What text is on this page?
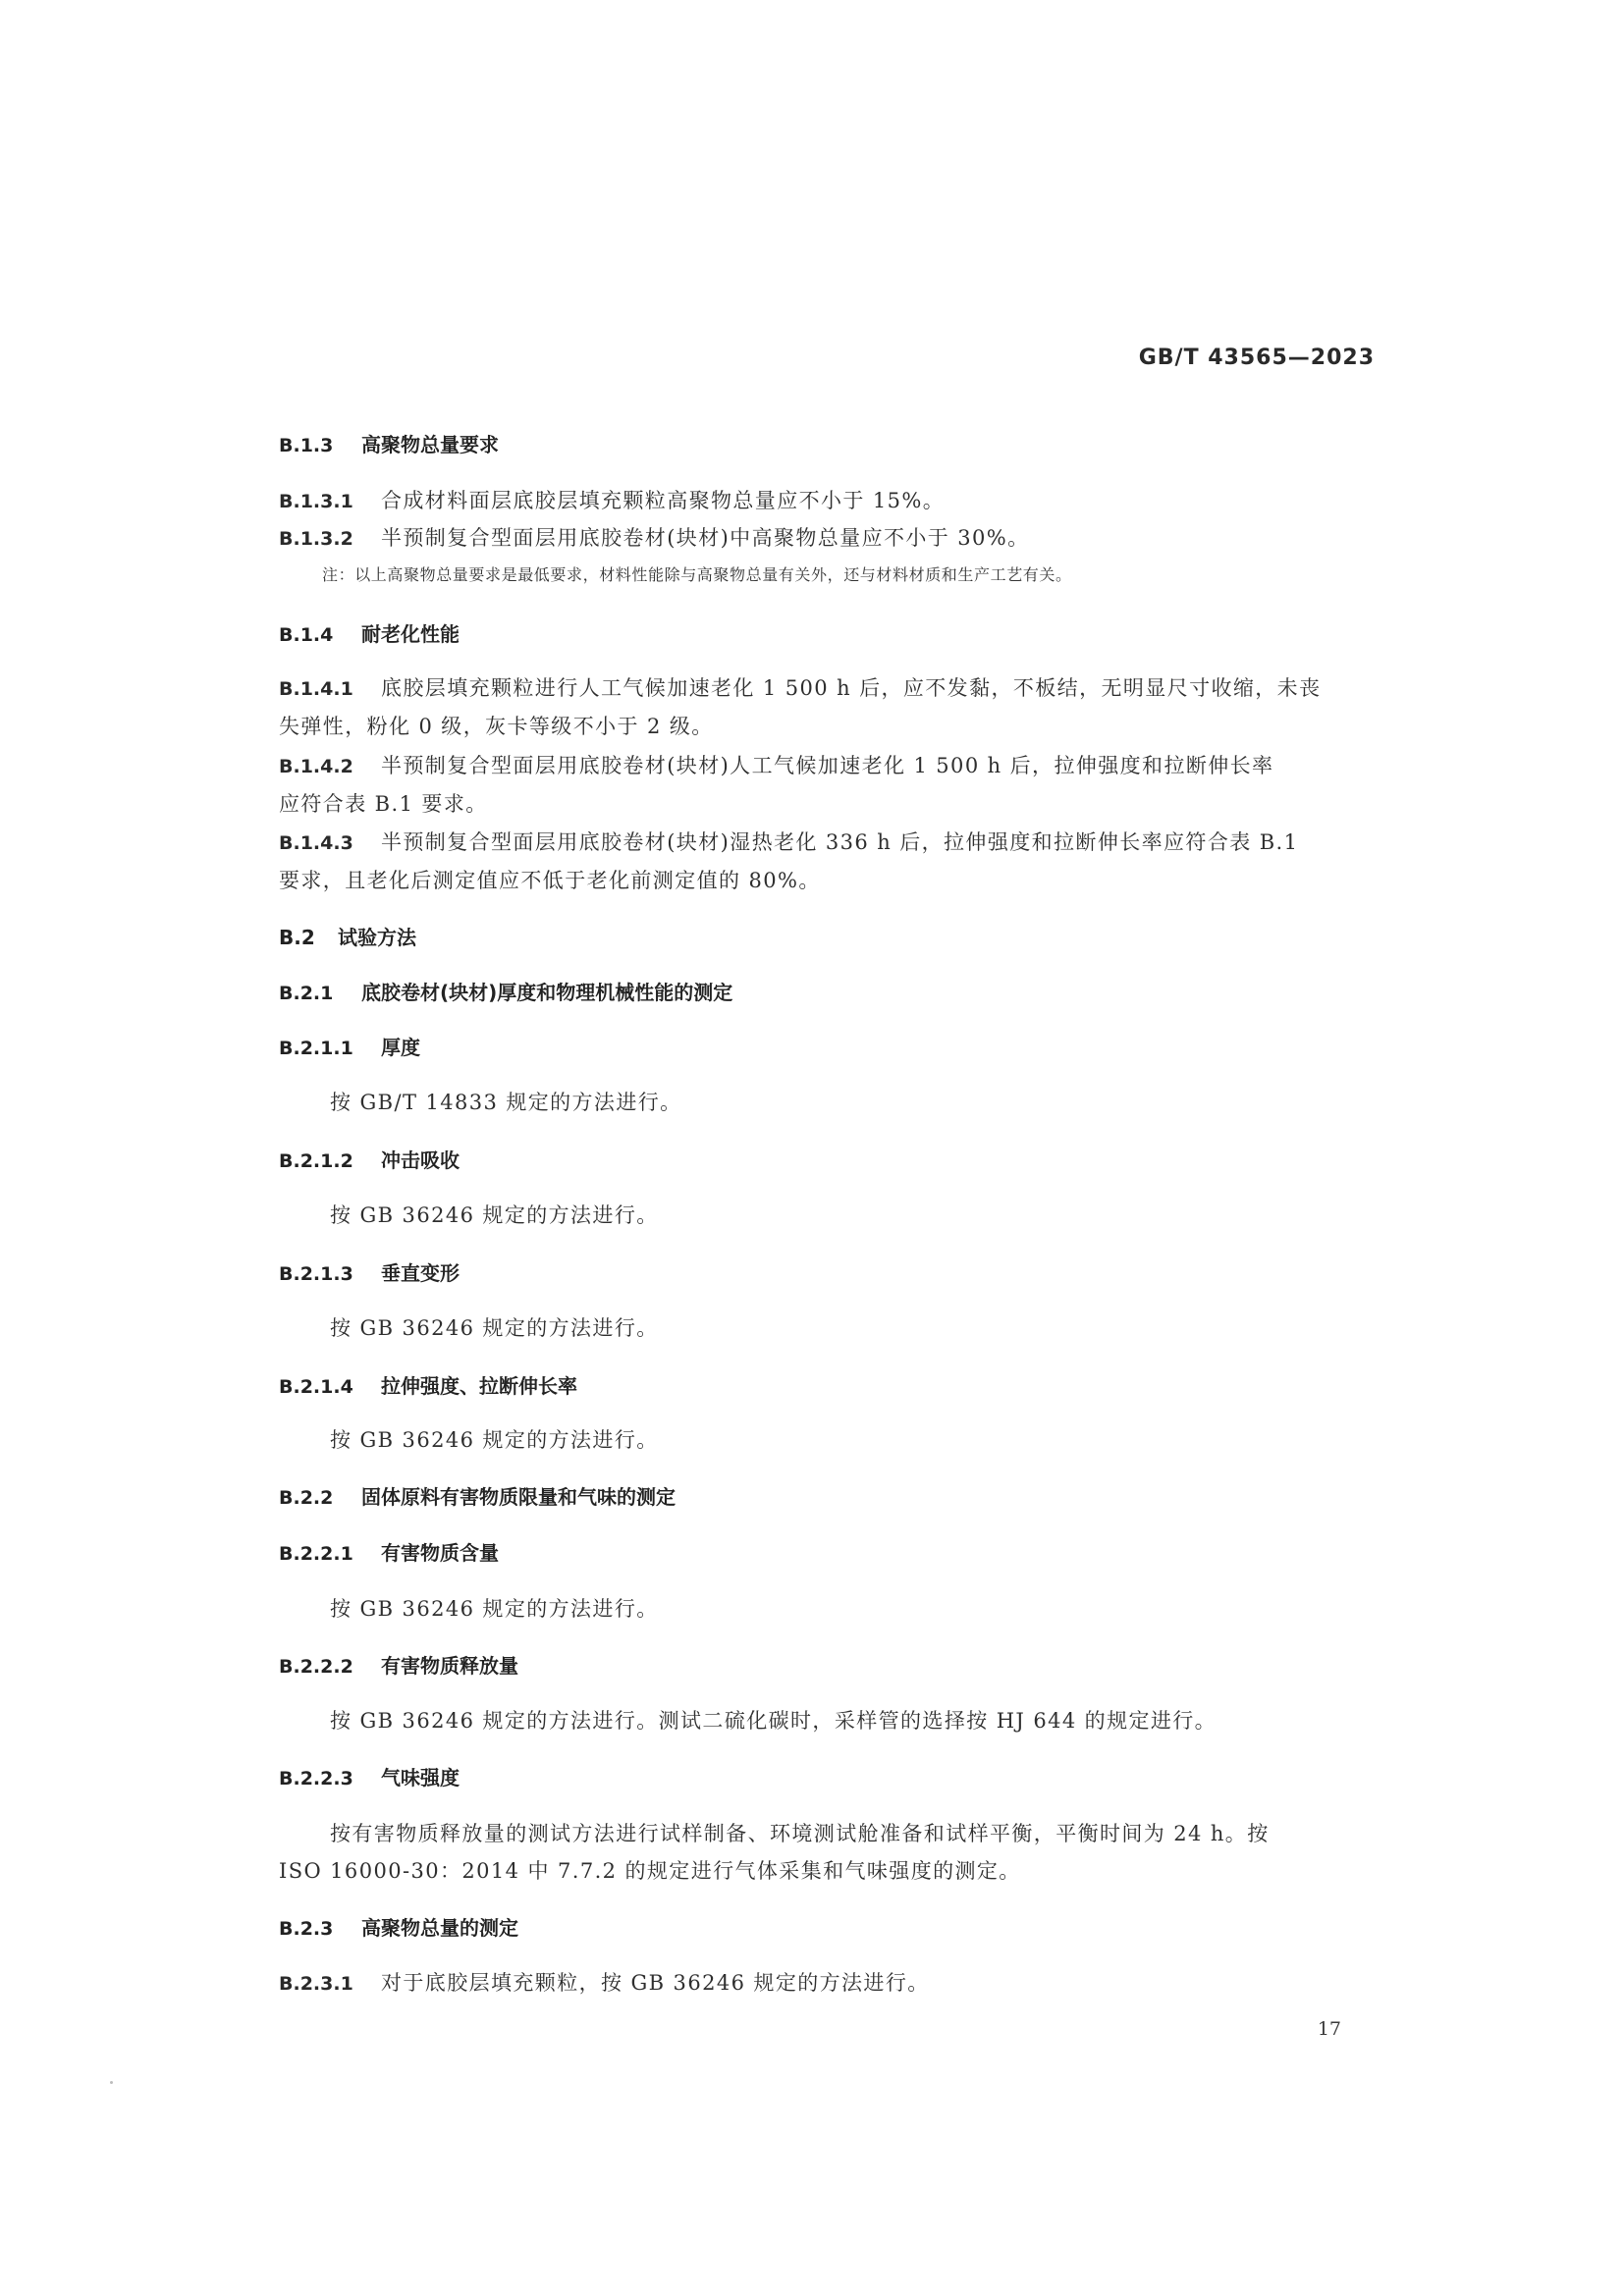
GB/T 43565—2023
B.1.3 高聚物总量要求
B.1.3.1 合成材料面层底胶层填充颗粒高聚物总量应不小于 15%。
B.1.3.2 半预制复合型面层用底胶卷材(块材)中高聚物总量应不小于 30%。
注：以上高聚物总量要求是最低要求，材料性能除与高聚物总量有关外，还与材料材质和生产工艺有关。
B.1.4 耐老化性能
B.1.4.1 底胶层填充颗粒进行人工气候加速老化 1 500 h 后，应不发黏，不板结，无明显尺寸收缩，未丧
失弹性，粉化 0 级，灰卡等级不小于 2 级。
B.1.4.2 半预制复合型面层用底胶卷材(块材)人工气候加速老化 1 500 h 后，拉伸强度和拉断伸长率
应符合表 B.1 要求。
B.1.4.3 半预制复合型面层用底胶卷材(块材)湿热老化 336 h 后，拉伸强度和拉断伸长率应符合表 B.1
要求，且老化后测定值应不低于老化前测定值的 80%。
B.2 试验方法
B.2.1 底胶卷材(块材)厚度和物理机械性能的测定
B.2.1.1 厚度
按 GB/T 14833 规定的方法进行。
B.2.1.2 冲击吸收
按 GB 36246 规定的方法进行。
B.2.1.3 垂直变形
按 GB 36246 规定的方法进行。
B.2.1.4 拉伸强度、拉断伸长率
按 GB 36246 规定的方法进行。
B.2.2 固体原料有害物质限量和气味的测定
B.2.2.1 有害物质含量
按 GB 36246 规定的方法进行。
B.2.2.2 有害物质释放量
按 GB 36246 规定的方法进行。测试二硫化碳时，采样管的选择按 HJ 644 的规定进行。
B.2.2.3 气味强度
按有害物质释放量的测试方法进行试样制备、环境测试舱准备和试样平衡，平衡时间为 24 h。按
ISO 16000-30：2014 中 7.7.2 的规定进行气体采集和气味强度的测定。
B.2.3 高聚物总量的测定
B.2.3.1 对于底胶层填充颗粒，按 GB 36246 规定的方法进行。
17
